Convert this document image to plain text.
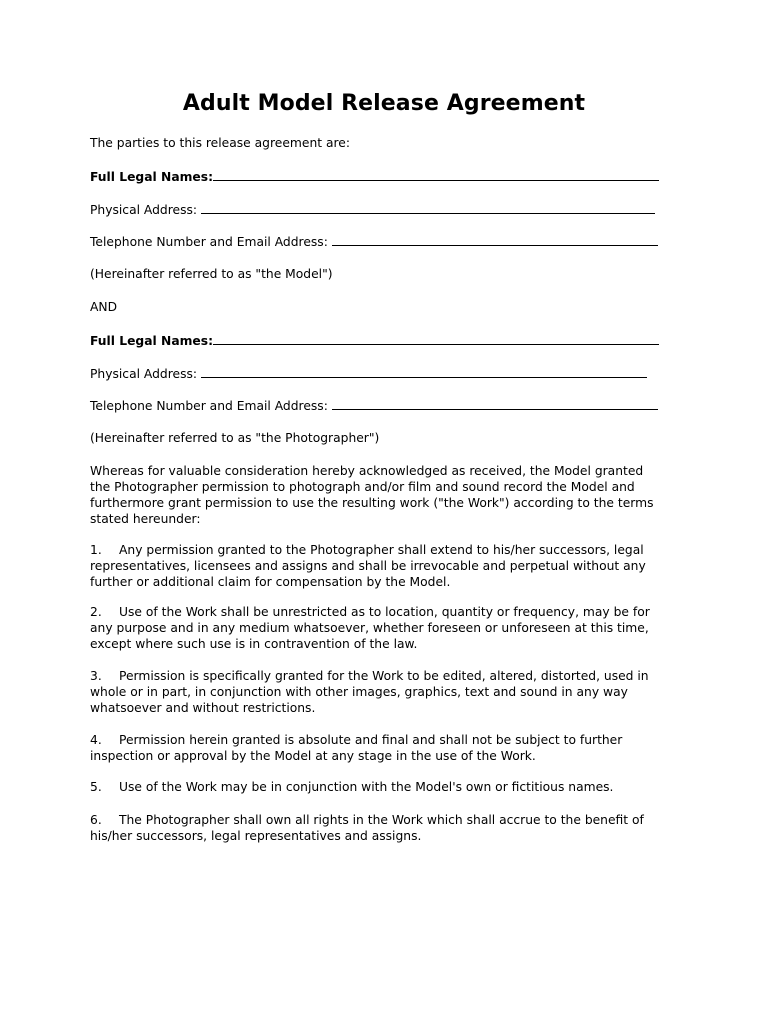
Adult Model Release Agreement
The parties to this release agreement are:
Full Legal Names:
Physical Address:
Telephone Number and Email Address:
(Hereinafter referred to as "the Model")
AND
Full Legal Names:
Physical Address:
Telephone Number and Email Address:
(Hereinafter referred to as "the Photographer")
Whereas for valuable consideration hereby acknowledged as received, the Model granted
the Photographer permission to photograph and/or film and sound record the Model and
furthermore grant permission to use the resulting work ("the Work") according to the terms
stated hereunder:
1. Any permission granted to the Photographer shall extend to his/her successors, legal
representatives, licensees and assigns and shall be irrevocable and perpetual without any
further or additional claim for compensation by the Model.
2. Use of the Work shall be unrestricted as to location, quantity or frequency, may be for
any purpose and in any medium whatsoever, whether foreseen or unforeseen at this time,
except where such use is in contravention of the law.
3. Permission is specifically granted for the Work to be edited, altered, distorted, used in
whole or in part, in conjunction with other images, graphics, text and sound in any way
whatsoever and without restrictions.
4. Permission herein granted is absolute and final and shall not be subject to further
inspection or approval by the Model at any stage in the use of the Work.
5. Use of the Work may be in conjunction with the Model's own or fictitious names.
6. The Photographer shall own all rights in the Work which shall accrue to the benefit of
his/her successors, legal representatives and assigns.
